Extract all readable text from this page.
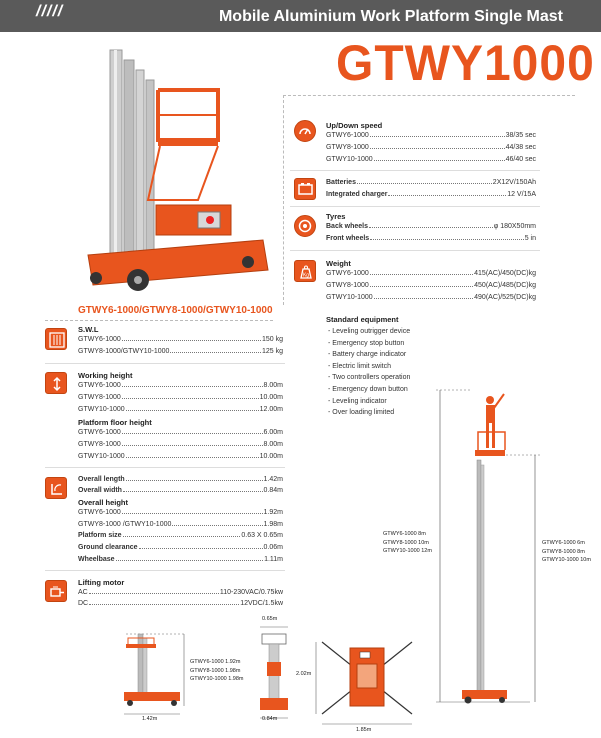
/////	Mobile Aluminium Work Platform Single Mast
GTWY1000
Up/Down speed
GTWY6-1000	38/35 sec
GTWY8-1000	44/38 sec
GTWY10-1000	46/40 sec
Batteries	2X12V/150Ah
Integrated charger	12 V/15A
Tyres
Back wheels	φ 180X50mm
Front wheels	5 in
Kg
Weight
GTWY6-1000	415(AC)/450(DC)kg
GTWY8-1000	450(AC)/485(DC)kg
GTWY10-1000	490(AC)/525(DC)kg
Standard equipment
- Leveling outrigger device
- Emergency stop button
- Battery charge indicator
- Electric limit switch
- Two controllers operation
- Emergency down button
- Leveling indicator
- Over loading limited
GTWY6-1000/GTWY8-1000/GTWY10-1000
S.W.L
GTWY6-1000	150 kg
GTWY8-1000/GTWY10-1000	125 kg
Working height
GTWY6-1000	8.00m
GTWY8-1000	10.00m
GTWY10-1000	12.00m
Platform floor height
GTWY6-1000	6.00m
GTWY8-1000	8.00m
GTWY10-1000	10.00m
Overall length	1.42m
Overall width	0.84m
Overall height
GTWY6-1000	1.92m
GTWY8-1000 /GTWY10-1000	1.98m
Platform size	0.63 X 0.65m
Ground clearance	0.06m
Wheelbase	1.11m
Lifting motor
AC	110-230VAC/0.75kw
DC	12VDC/1.5kw
GTWY6-1000 8m
GTWY8-1000 10m
GTWY10-1000 12m
GTWY6-1000 6m
GTWY8-1000 8m
GTWY10-1000 10m
1.42m
GTWY6-1000 1.92m
GTWY8-1000 1.98m
GTWY10-1000 1.98m
0.65m
0.84m
2.02m
1.85m
